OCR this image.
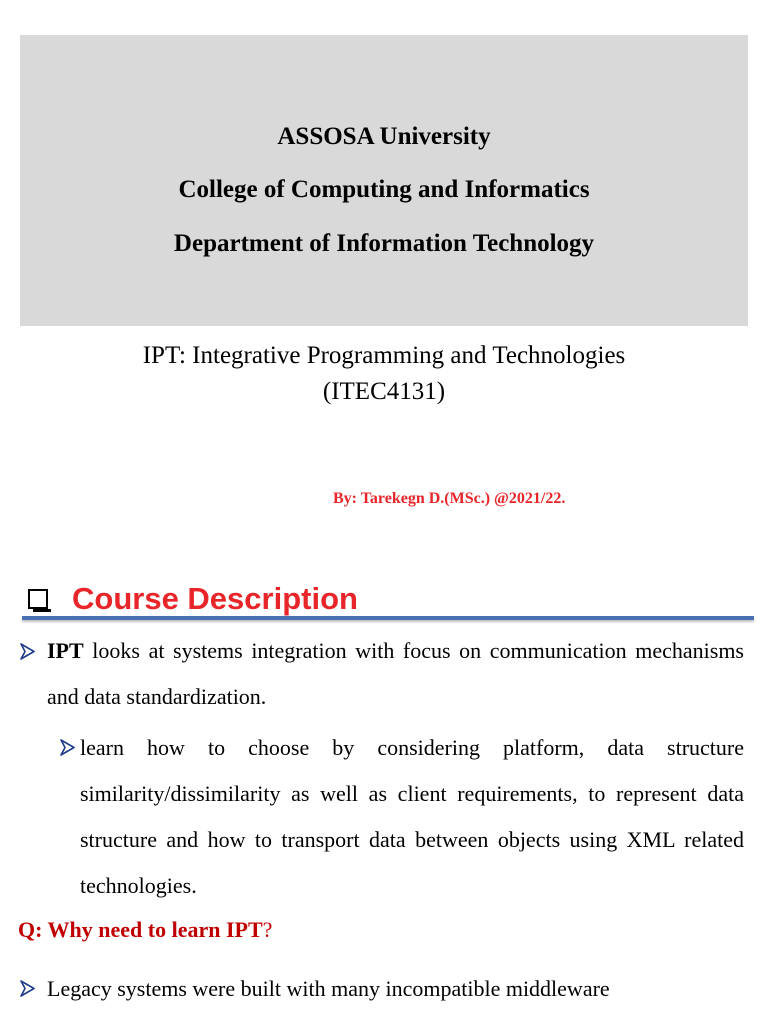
ASSOSA University
College of Computing and Informatics
Department of Information Technology
IPT: Integrative Programming and Technologies
(ITEC4131)
By: Tarekegn D.(MSc.) @2021/22.
Course Description
IPT looks at systems integration with focus on communication mechanisms and data standardization.
learn how to choose by considering platform, data structure similarity/dissimilarity as well as client requirements, to represent data structure and how to transport data between objects using XML related technologies.
Q: Why need to learn IPT?
Legacy systems were built with many incompatible middleware
